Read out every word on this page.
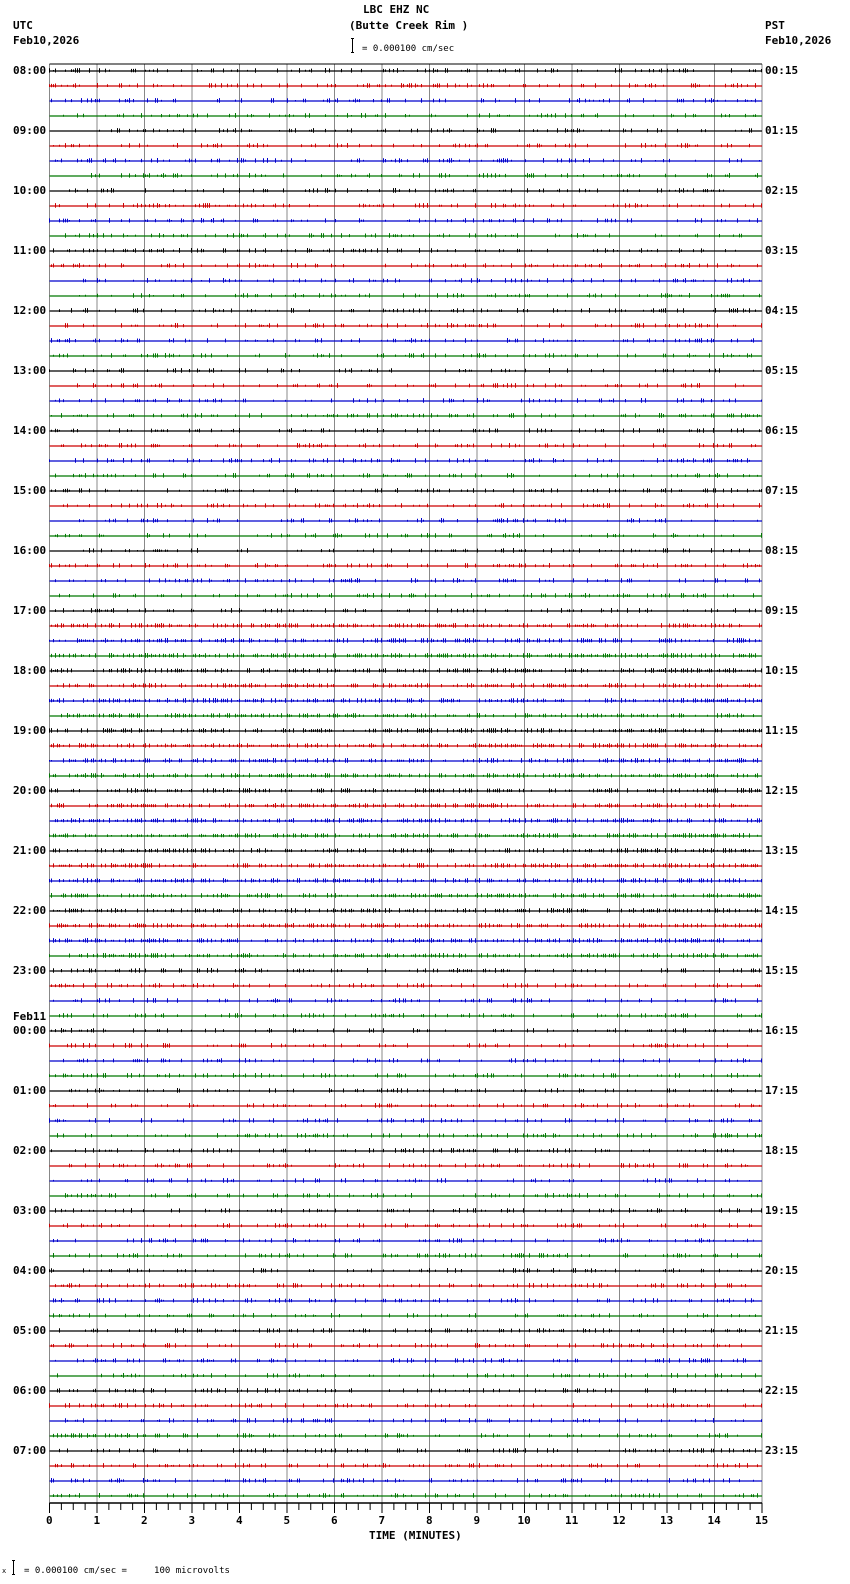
LBC EHZ NC
(Butte Creek Rim )
UTC
Feb10,2026
PST
Feb10,2026
= 0.000100 cm/sec
0	1	2	3	4	5	6	7	8	9	10	11	12	13	14	15
08:00	00:15
09:00	01:15
10:00	02:15
11:00	03:15
12:00	04:15
13:00	05:15
14:00	06:15
15:00	07:15
16:00	08:15
17:00	09:15
18:00	10:15
19:00	11:15
20:00	12:15
21:00	13:15
22:00	14:15
23:00	15:15
00:00	16:15
Feb11
01:00	17:15
02:00	18:15
03:00	19:15
04:00	20:15
05:00	21:15
06:00	22:15
07:00	23:15
TIME (MINUTES)
x = 0.000100 cm/sec =     100 microvolts
